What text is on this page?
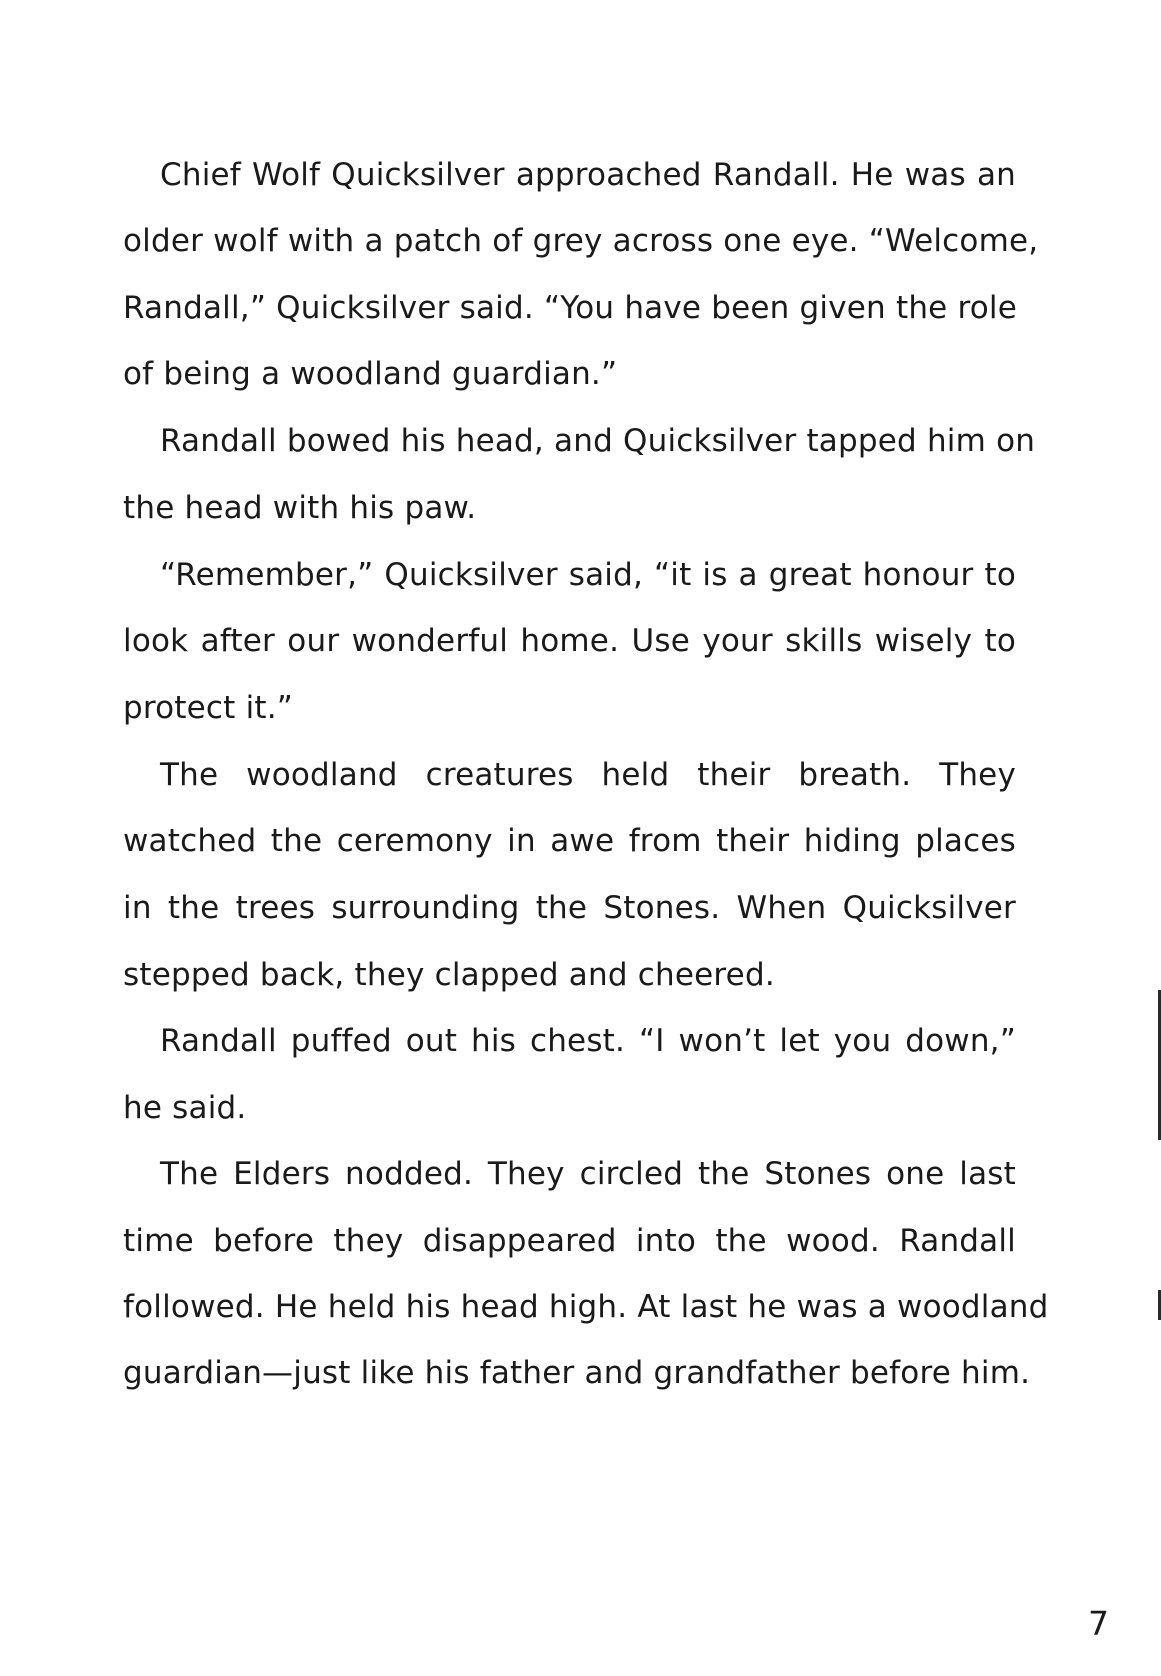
Chief Wolf Quicksilver approached Randall. He was an
older wolf with a patch of grey across one eye. “Welcome,
Randall,” Quicksilver said. “You have been given the role
of being a woodland guardian.”
Randall bowed his head, and Quicksilver tapped him on
the head with his paw.
“Remember,” Quicksilver said, “it is a great honour to
look after our wonderful home. Use your skills wisely to
protect it.”
The woodland creatures held their breath. They
watched the ceremony in awe from their hiding places
in the trees surrounding the Stones. When Quicksilver
stepped back, they clapped and cheered.
Randall puffed out his chest. “I won’t let you down,”
he said.
The Elders nodded. They circled the Stones one last
time before they disappeared into the wood. Randall
followed. He held his head high. At last he was a woodland
guardian—just like his father and grandfather before him.
7
